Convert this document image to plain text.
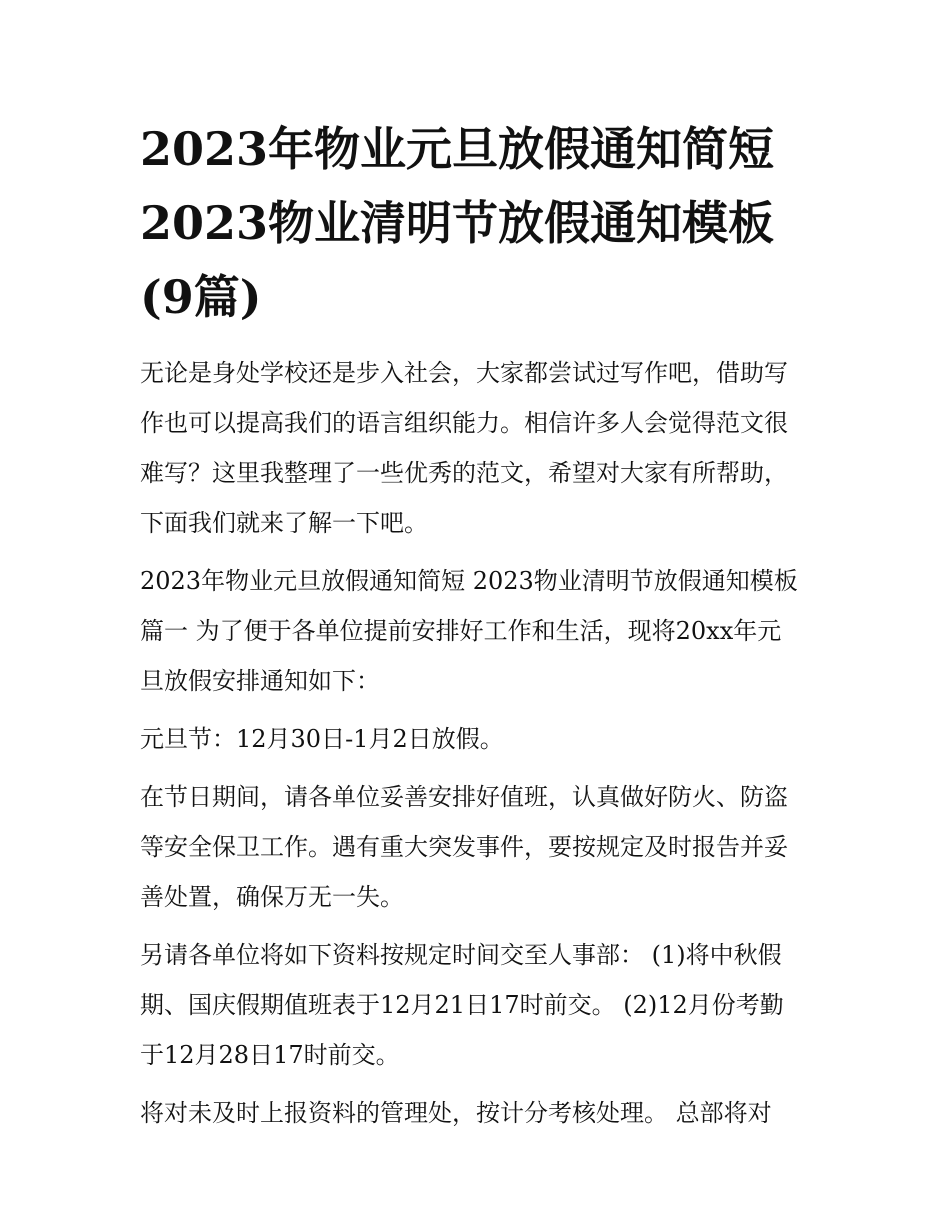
2023年物业元旦放假通知简短
2023物业清明节放假通知模板
(9篇)
无论是身处学校还是步入社会，大家都尝试过写作吧，借助写
作也可以提高我们的语言组织能力。相信许多人会觉得范文很
难写？这里我整理了一些优秀的范文，希望对大家有所帮助，
下面我们就来了解一下吧。
2023年物业元旦放假通知简短 2023物业清明节放假通知模板
篇一 为了便于各单位提前安排好工作和生活，现将20xx年元
旦放假安排通知如下：
元旦节：12月30日-1月2日放假。
在节日期间，请各单位妥善安排好值班，认真做好防火、防盗
等安全保卫工作。遇有重大突发事件，要按规定及时报告并妥
善处置，确保万无一失。
另请各单位将如下资料按规定时间交至人事部： (1)将中秋假
期、国庆假期值班表于12月21日17时前交。 (2)12月份考勤
于12月28日17时前交。
将对未及时上报资料的管理处，按计分考核处理。 总部将对
